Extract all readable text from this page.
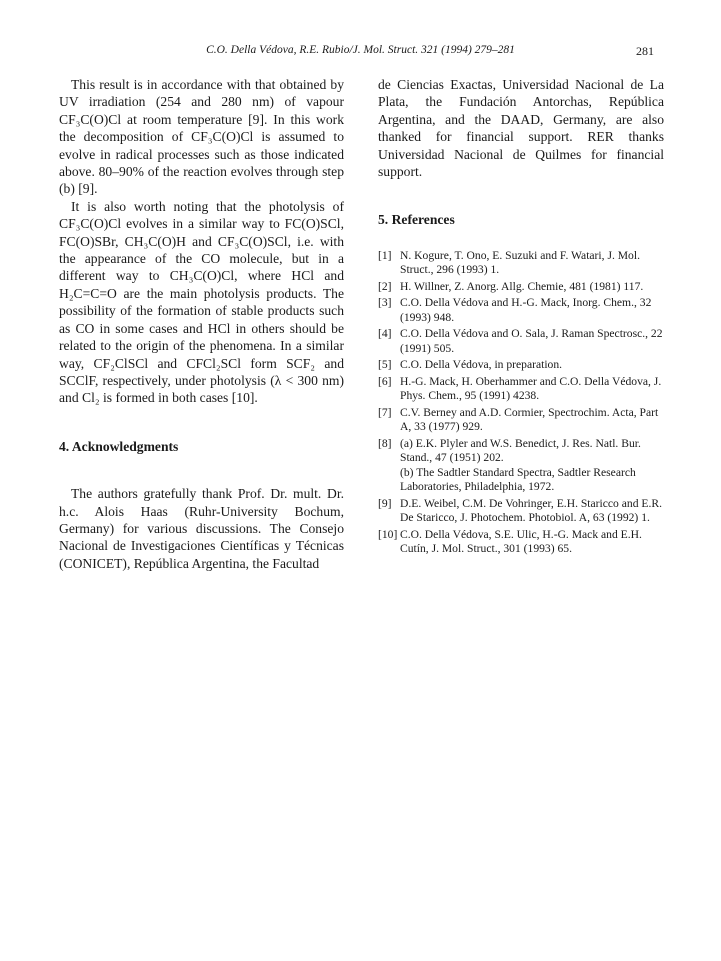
C.O. Della Védova, R.E. Rubio/J. Mol. Struct. 321 (1994) 279–281	281

This result is in accordance with that obtained by UV irradiation (254 and 280 nm) of vapour CF₃C(O)Cl at room temperature [9]. In this work the decomposition of CF₃C(O)Cl is assumed to evolve in radical processes such as those indicated above. 80–90% of the reaction evolves through step (b) [9].

It is also worth noting that the photolysis of CF₃C(O)Cl evolves in a similar way to FC(O)SCl, FC(O)SBr, CH₃C(O)H and CF₃C(O)SCl, i.e. with the appearance of the CO molecule, but in a different way to CH₃C(O)Cl, where HCl and H₂C=C=O are the main photolysis products. The possibility of the formation of stable products such as CO in some cases and HCl in others should be related to the origin of the phenomena. In a similar way, CF₂ClSCl and CFCl₂SCl form SCF₂ and SCClF, respectively, under photolysis (λ < 300 nm) and Cl₂ is formed in both cases [10].

4. Acknowledgments

The authors gratefully thank Prof. Dr. mult. Dr. h.c. Alois Haas (Ruhr-University Bochum, Germany) for various discussions. The Consejo Nacional de Investigaciones Científicas y Técnicas (CONICET), República Argentina, the Facultad

de Ciencias Exactas, Universidad Nacional de La Plata, the Fundación Antorchas, República Argentina, and the DAAD, Germany, are also thanked for financial support. RER thanks Universidad Nacional de Quilmes for financial support.

5. References

[1] N. Kogure, T. Ono, E. Suzuki and F. Watari, J. Mol. Struct., 296 (1993) 1.
[2] H. Willner, Z. Anorg. Allg. Chemie, 481 (1981) 117.
[3] C.O. Della Védova and H.-G. Mack, Inorg. Chem., 32 (1993) 948.
[4] C.O. Della Védova and O. Sala, J. Raman Spectrosc., 22 (1991) 505.
[5] C.O. Della Védova, in preparation.
[6] H.-G. Mack, H. Oberhammer and C.O. Della Védova, J. Phys. Chem., 95 (1991) 4238.
[7] C.V. Berney and A.D. Cormier, Spectrochim. Acta, Part A, 33 (1977) 929.
[8] (a) E.K. Plyler and W.S. Benedict, J. Res. Natl. Bur. Stand., 47 (1951) 202.

(b) The Sadtler Standard Spectra, Sadtler Research Laboratories, Philadelphia, 1972.

[9] D.E. Weibel, C.M. De Vohringer, E.H. Staricco and E.R. De Staricco, J. Photochem. Photobiol. A, 63 (1992) 1.
[10] C.O. Della Védova, S.E. Ulic, H.-G. Mack and E.H. Cutín, J. Mol. Struct., 301 (1993) 65.
